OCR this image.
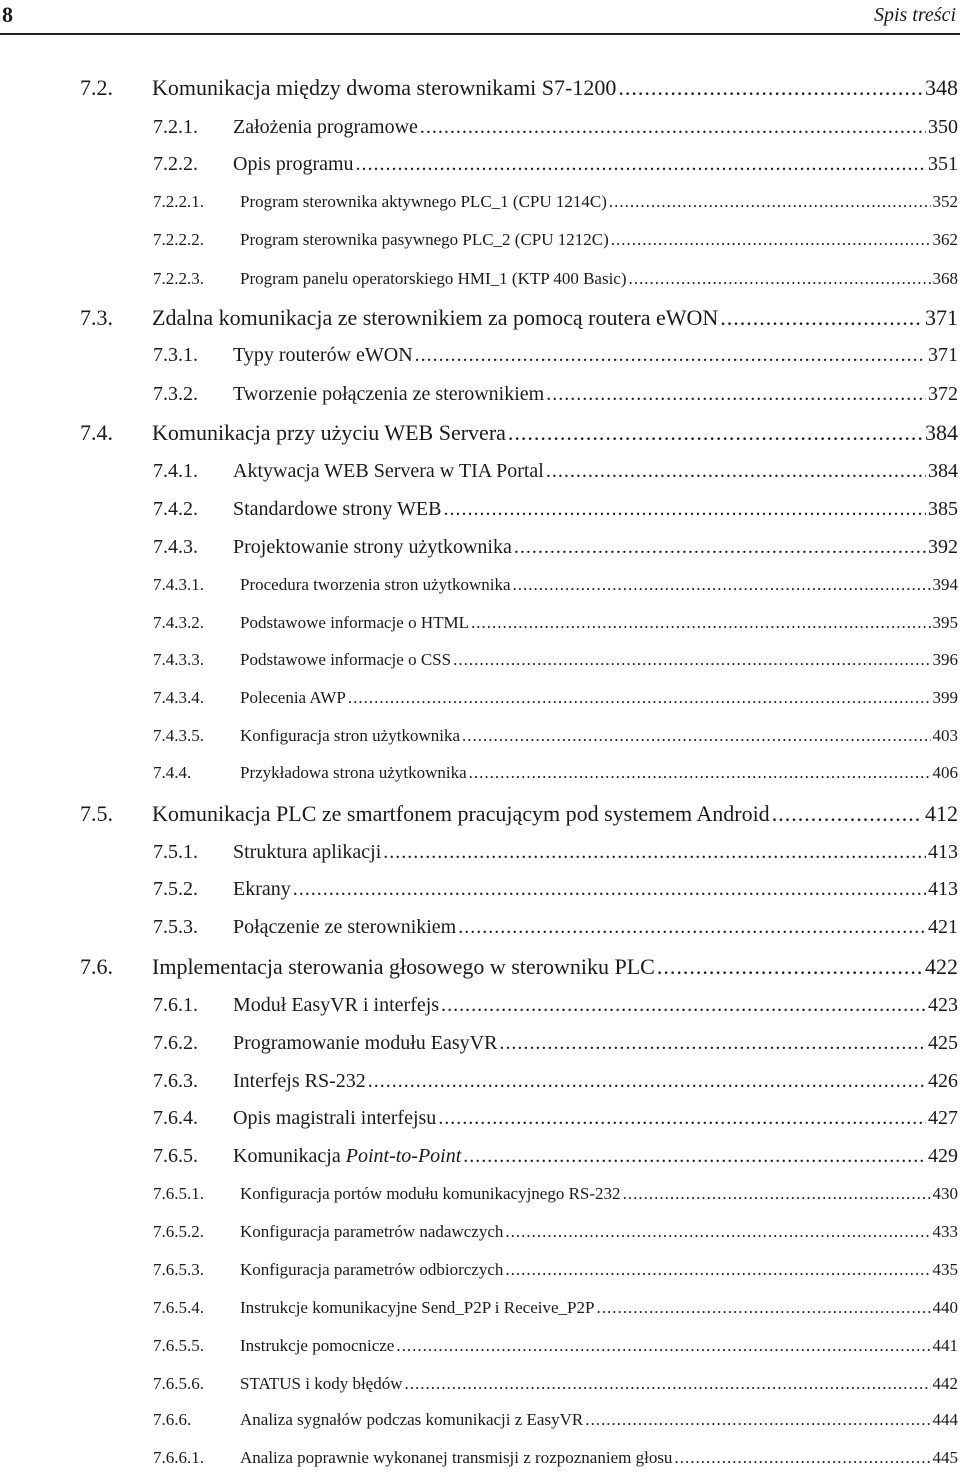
8	Spis treści
7.2.	Komunikacja między dwoma sterownikami S7-1200 .....	348
7.2.1.	Założenia programowe .....	350
7.2.2.	Opis programu .....	351
7.2.2.1.	Program sterownika aktywnego PLC_1 (CPU 1214C) .....	352
7.2.2.2.	Program sterownika pasywnego PLC_2 (CPU 1212C) .....	362
7.2.2.3.	Program panelu operatorskiego HMI_1 (KTP 400 Basic) .....	368
7.3.	Zdalna komunikacja ze sterownikiem za pomocą routera eWON .....	371
7.3.1.	Typy routerów eWON .....	371
7.3.2.	Tworzenie połączenia ze sterownikiem .....	372
7.4.	Komunikacja przy użyciu WEB Servera .....	384
7.4.1.	Aktywacja WEB Servera w TIA Portal .....	384
7.4.2.	Standardowe strony WEB .....	385
7.4.3.	Projektowanie strony użytkownika .....	392
7.4.3.1.	Procedura tworzenia stron użytkownika .....	394
7.4.3.2.	Podstawowe informacje o HTML .....	395
7.4.3.3.	Podstawowe informacje o CSS .....	396
7.4.3.4.	Polecenia AWP .....	399
7.4.3.5.	Konfiguracja stron użytkownika .....	403
7.4.4.	Przykładowa strona użytkownika .....	406
7.5.	Komunikacja PLC ze smartfonem pracującym pod systemem Android .....	412
7.5.1.	Struktura aplikacji .....	413
7.5.2.	Ekrany .....	413
7.5.3.	Połączenie ze sterownikiem .....	421
7.6.	Implementacja sterowania głosowego w sterowniku PLC .....	422
7.6.1.	Moduł EasyVR i interfejs .....	423
7.6.2.	Programowanie modułu EasyVR .....	425
7.6.3.	Interfejs RS-232 .....	426
7.6.4.	Opis magistrali interfejsu .....	427
7.6.5.	Komunikacja Point-to-Point .....	429
7.6.5.1.	Konfiguracja portów modułu komunikacyjnego RS-232 .....	430
7.6.5.2.	Konfiguracja parametrów nadawczych .....	433
7.6.5.3.	Konfiguracja parametrów odbiorczych .....	435
7.6.5.4.	Instrukcje komunikacyjne Send_P2P i Receive_P2P .....	440
7.6.5.5.	Instrukcje pomocnicze .....	441
7.6.5.6.	STATUS i kody błędów .....	442
7.6.6.	Analiza sygnałów podczas komunikacji z EasyVR .....	444
7.6.6.1.	Analiza poprawnie wykonanej transmisji z rozpoznaniem głosu .....	445
